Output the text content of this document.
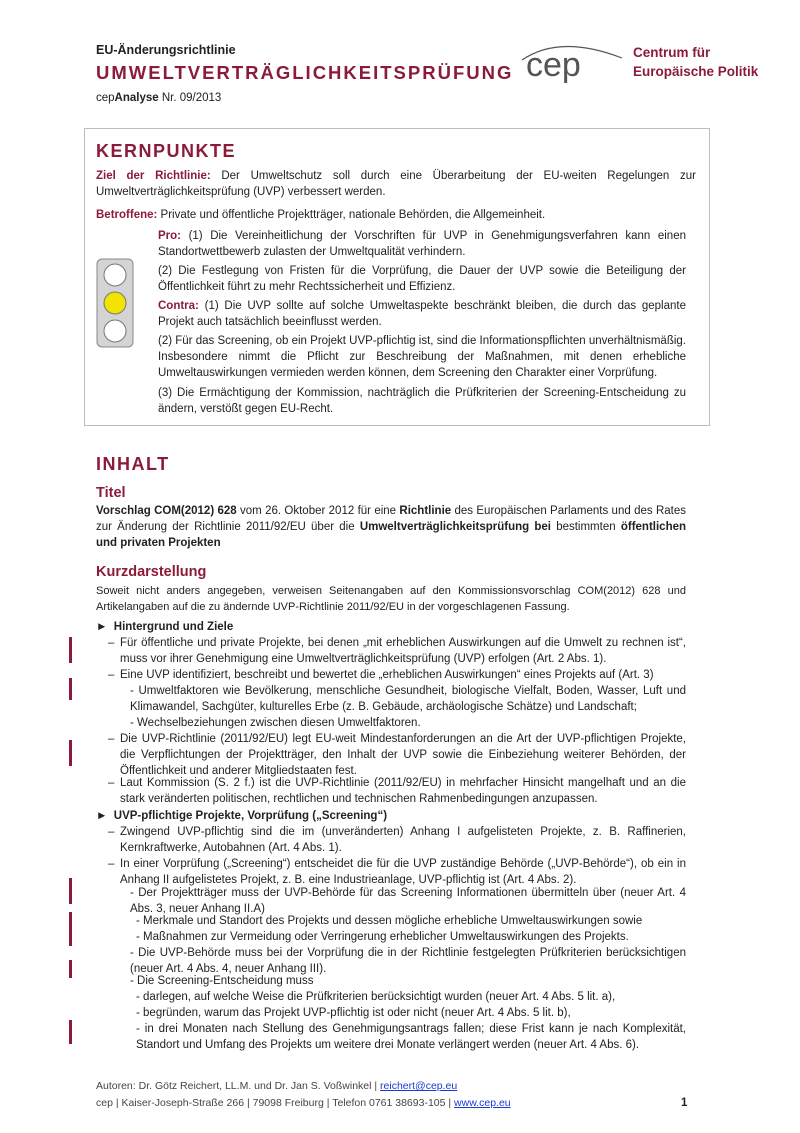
EU-Änderungsrichtlinie
UMWELTVERTRÄGLICHKEITSPRÜFUNG
cepAnalyse Nr. 09/2013
cep	Centrum für
Europäische Politik
KERNPUNKTE
Ziel der Richtlinie: Der Umweltschutz soll durch eine Überarbeitung der EU-weiten Regelungen zur Umweltverträglichkeitsprüfung (UVP) verbessert werden.
Betroffene: Private und öffentliche Projektträger, nationale Behörden, die Allgemeinheit.
Pro: (1) Die Vereinheitlichung der Vorschriften für UVP in Genehmigungsverfahren kann einen Standortwettbewerb zulasten der Umweltqualität verhindern.
(2) Die Festlegung von Fristen für die Vorprüfung, die Dauer der UVP sowie die Beteiligung der Öffentlichkeit führt zu mehr Rechtssicherheit und Effizienz.
Contra: (1) Die UVP sollte auf solche Umweltaspekte beschränkt bleiben, die durch das geplante Projekt auch tatsächlich beeinflusst werden.
(2) Für das Screening, ob ein Projekt UVP-pflichtig ist, sind die Informationspflichten unverhältnismäßig. Insbesondere nimmt die Pflicht zur Beschreibung der Maßnahmen, mit denen erhebliche Umweltauswirkungen vermieden werden können, dem Screening den Charakter einer Vorprüfung.
(3) Die Ermächtigung der Kommission, nachträglich die Prüfkriterien der Screening-Entscheidung zu ändern, verstößt gegen EU-Recht.
INHALT
Titel
Vorschlag COM(2012) 628 vom 26. Oktober 2012 für eine Richtlinie des Europäischen Parlaments und des Rates zur Änderung der Richtlinie 2011/92/EU über die Umweltverträglichkeitsprüfung bei bestimmten öffentlichen und privaten Projekten
Kurzdarstellung
Soweit nicht anders angegeben, verweisen Seitenangaben auf den Kommissionsvorschlag COM(2012) 628 und Artikelangaben auf die zu ändernde UVP-Richtlinie 2011/92/EU in der vorgeschlagenen Fassung.
►  Hintergrund und Ziele
– Für öffentliche und private Projekte, bei denen „mit erheblichen Auswirkungen auf die Umwelt zu rechnen ist“, muss vor ihrer Genehmigung eine Umweltverträglichkeitsprüfung (UVP) erfolgen (Art. 2 Abs. 1).
– Eine UVP identifiziert, beschreibt und bewertet die „erheblichen Auswirkungen“ eines Projekts auf (Art. 3)
- Umweltfaktoren wie Bevölkerung, menschliche Gesundheit, biologische Vielfalt, Boden, Wasser, Luft und Klimawandel, Sachgüter, kulturelles Erbe (z. B. Gebäude, archäologische Schätze) und Landschaft;
- Wechselbeziehungen zwischen diesen Umweltfaktoren.
– Die UVP-Richtlinie (2011/92/EU) legt EU-weit Mindestanforderungen an die Art der UVP-pflichtigen Projekte, die Verpflichtungen der Projektträger, den Inhalt der UVP sowie die Einbeziehung weiterer Behörden, der Öffentlichkeit und anderer Mitgliedstaaten fest.
– Laut Kommission (S. 2 f.) ist die UVP-Richtlinie (2011/92/EU) in mehrfacher Hinsicht mangelhaft und an die stark veränderten politischen, rechtlichen und technischen Rahmenbedingungen anzupassen.
►  UVP-pflichtige Projekte, Vorprüfung („Screening“)
– Zwingend UVP-pflichtig sind die im (unveränderten) Anhang I aufgelisteten Projekte, z. B. Raffinerien, Kernkraftwerke, Autobahnen (Art. 4 Abs. 1).
– In einer Vorprüfung („Screening“) entscheidet die für die UVP zuständige Behörde („UVP-Behörde“), ob ein in Anhang II aufgelistetes Projekt, z. B. eine Industrieanlage, UVP-pflichtig ist (Art. 4 Abs. 2).
- Der Projektträger muss der UVP-Behörde für das Screening Informationen übermitteln über (neuer Art. 4 Abs. 3, neuer Anhang II.A)
- Merkmale und Standort des Projekts und dessen mögliche erhebliche Umweltauswirkungen sowie
- Maßnahmen zur Vermeidung oder Verringerung erheblicher Umweltauswirkungen des Projekts.
- Die UVP-Behörde muss bei der Vorprüfung die in der Richtlinie festgelegten Prüfkriterien berücksichtigen (neuer Art. 4 Abs. 4, neuer Anhang III).
- Die Screening-Entscheidung muss
- darlegen, auf welche Weise die Prüfkriterien berücksichtigt wurden (neuer Art. 4 Abs. 5 lit. a),
- begründen, warum das Projekt UVP-pflichtig ist oder nicht (neuer Art. 4 Abs. 5 lit. b),
- in drei Monaten nach Stellung des Genehmigungsantrags fallen; diese Frist kann je nach Komplexität, Standort und Umfang des Projekts um weitere drei Monate verlängert werden (neuer Art. 4 Abs. 6).
Autoren: Dr. Götz Reichert, LL.M. und Dr. Jan S. Voßwinkel | reichert@cep.eu
cep | Kaiser-Joseph-Straße 266 | 79098 Freiburg | Telefon 0761 38693-105 | www.cep.eu	1
